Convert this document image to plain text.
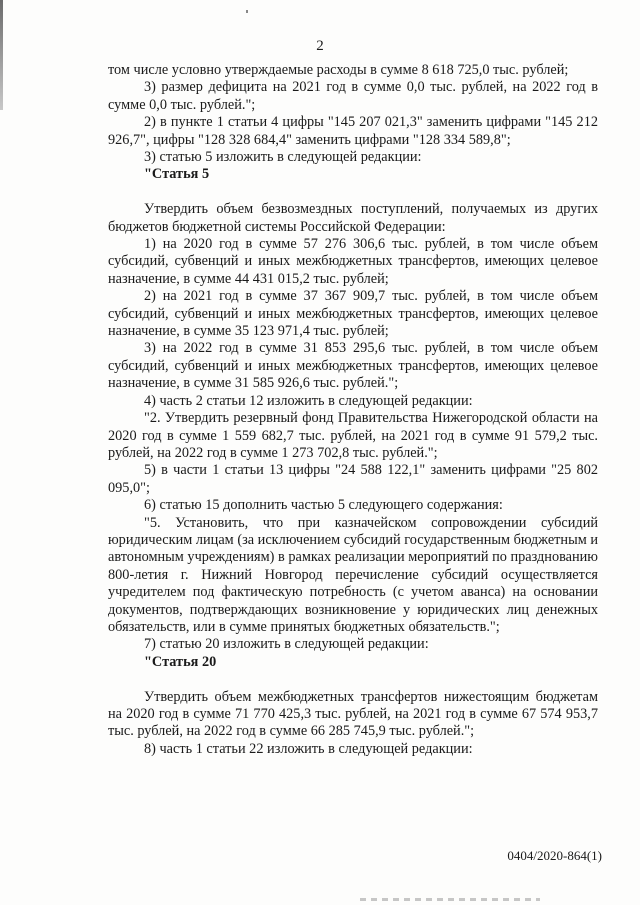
2

том числе условно утверждаемые расходы в сумме 8 618 725,0 тыс. рублей;

3) размер дефицита на 2021 год в сумме 0,0 тыс. рублей, на 2022 год в сумме 0,0 тыс. рублей.";

2) в пункте 1 статьи 4 цифры "145 207 021,3" заменить цифрами "145 212 926,7", цифры "128 328 684,4" заменить цифрами "128 334 589,8";

3) статью 5 изложить в следующей редакции:

"Статья 5

Утвердить объем безвозмездных поступлений, получаемых из других бюджетов бюджетной системы Российской Федерации:

1) на 2020 год в сумме 57 276 306,6 тыс. рублей, в том числе объем субсидий, субвенций и иных межбюджетных трансфертов, имеющих целевое назначение, в сумме 44 431 015,2 тыс. рублей;

2) на 2021 год в сумме 37 367 909,7 тыс. рублей, в том числе объем субсидий, субвенций и иных межбюджетных трансфертов, имеющих целевое назначение, в сумме 35 123 971,4 тыс. рублей;

3) на 2022 год в сумме 31 853 295,6 тыс. рублей, в том числе объем субсидий, субвенций и иных межбюджетных трансфертов, имеющих целевое назначение, в сумме 31 585 926,6 тыс. рублей.";

4) часть 2 статьи 12 изложить в следующей редакции:

"2. Утвердить резервный фонд Правительства Нижегородской области на 2020 год в сумме 1 559 682,7 тыс. рублей, на 2021 год в сумме 91 579,2 тыс. рублей, на 2022 год в сумме 1 273 702,8 тыс. рублей.";

5) в части 1 статьи 13 цифры "24 588 122,1" заменить цифрами "25 802 095,0";

6) статью 15 дополнить частью 5 следующего содержания:

"5. Установить, что при казначейском сопровождении субсидий юридическим лицам (за исключением субсидий государственным бюджетным и автономным учреждениям) в рамках реализации мероприятий по празднованию 800-летия г. Нижний Новгород перечисление субсидий осуществляется учредителем под фактическую потребность (с учетом аванса) на основании документов, подтверждающих возникновение у юридических лиц денежных обязательств, или в сумме принятых бюджетных обязательств.";

7) статью 20 изложить в следующей редакции:

"Статья 20

Утвердить объем межбюджетных трансфертов нижестоящим бюджетам на 2020 год в сумме 71 770 425,3 тыс. рублей, на 2021 год в сумме 67 574 953,7 тыс. рублей, на 2022 год в сумме 66 285 745,9 тыс. рублей.";

8) часть 1 статьи 22 изложить в следующей редакции:

0404/2020-864(1)
